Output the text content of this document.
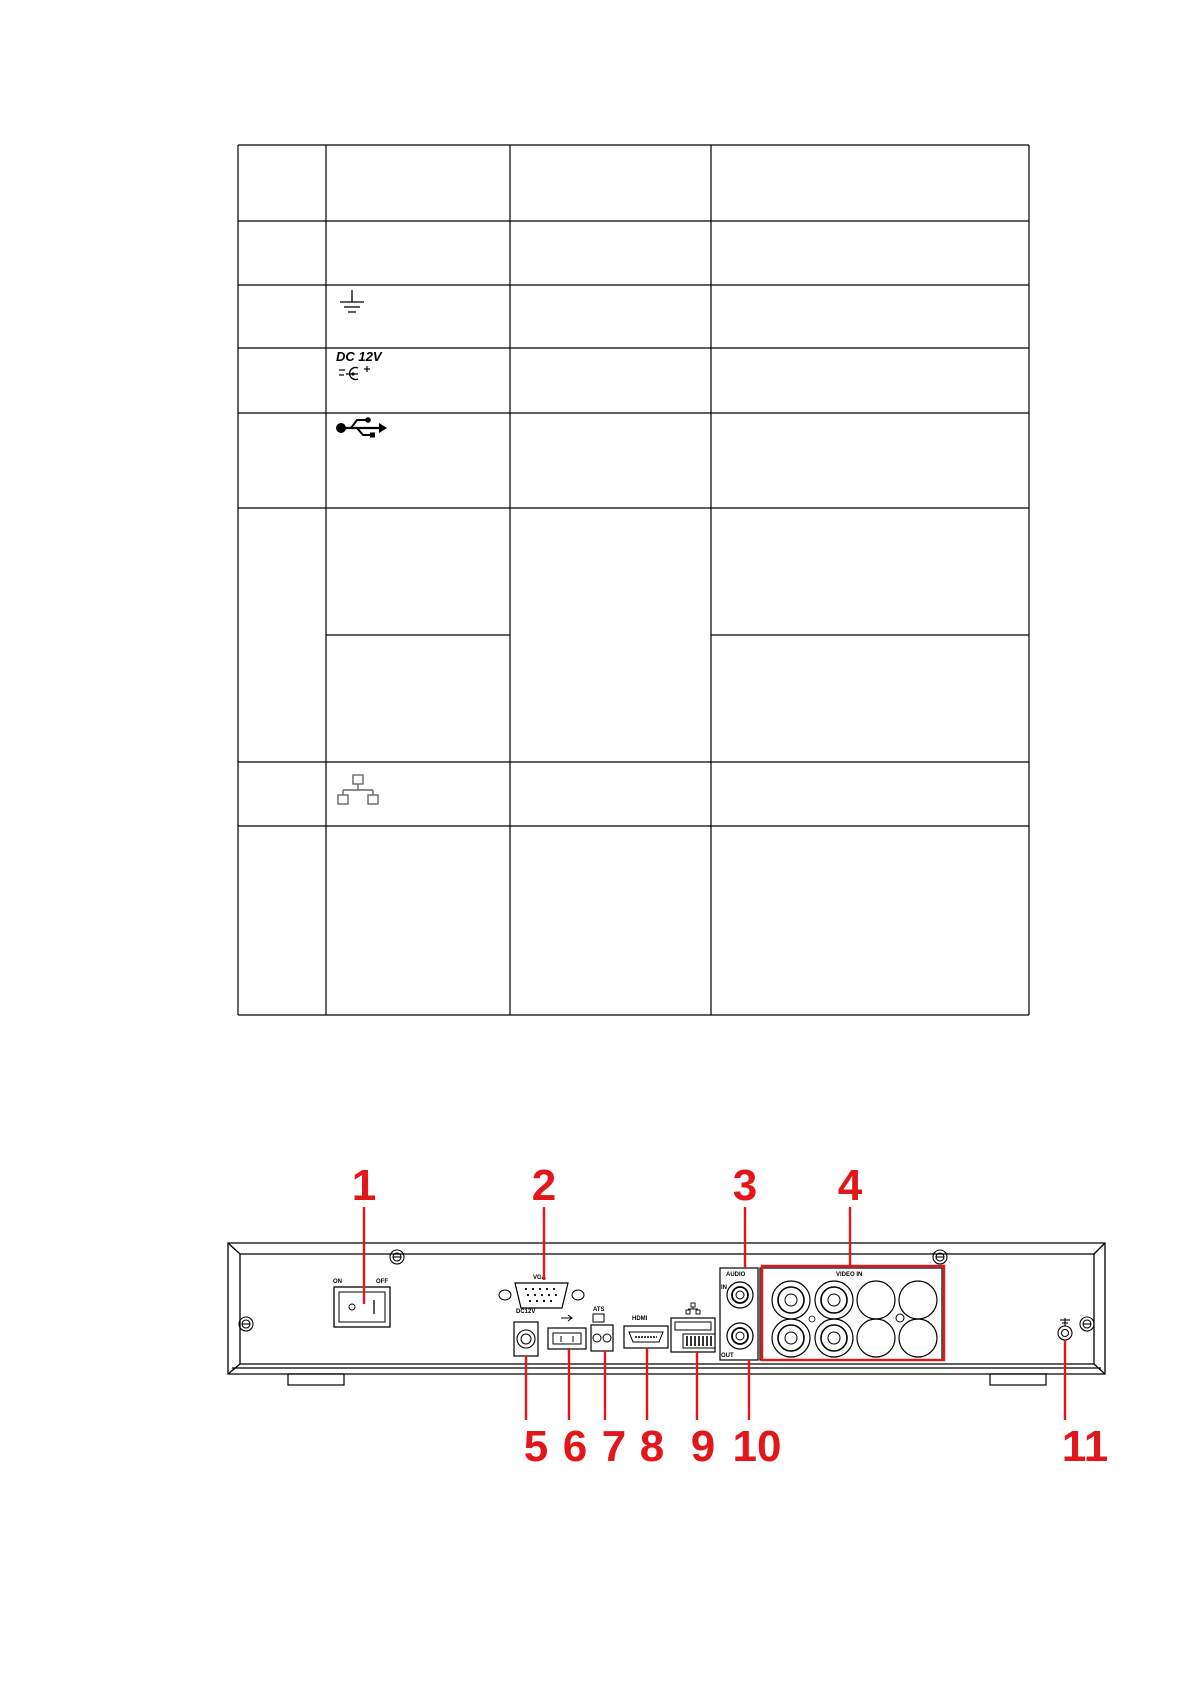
DC 12V
ON	OFF
VGA
DC12V	ATS
HDMI
AUDIO
IN
OUT
VIDEO IN
1	2	3 4
5 6 7 8 9 10	11
